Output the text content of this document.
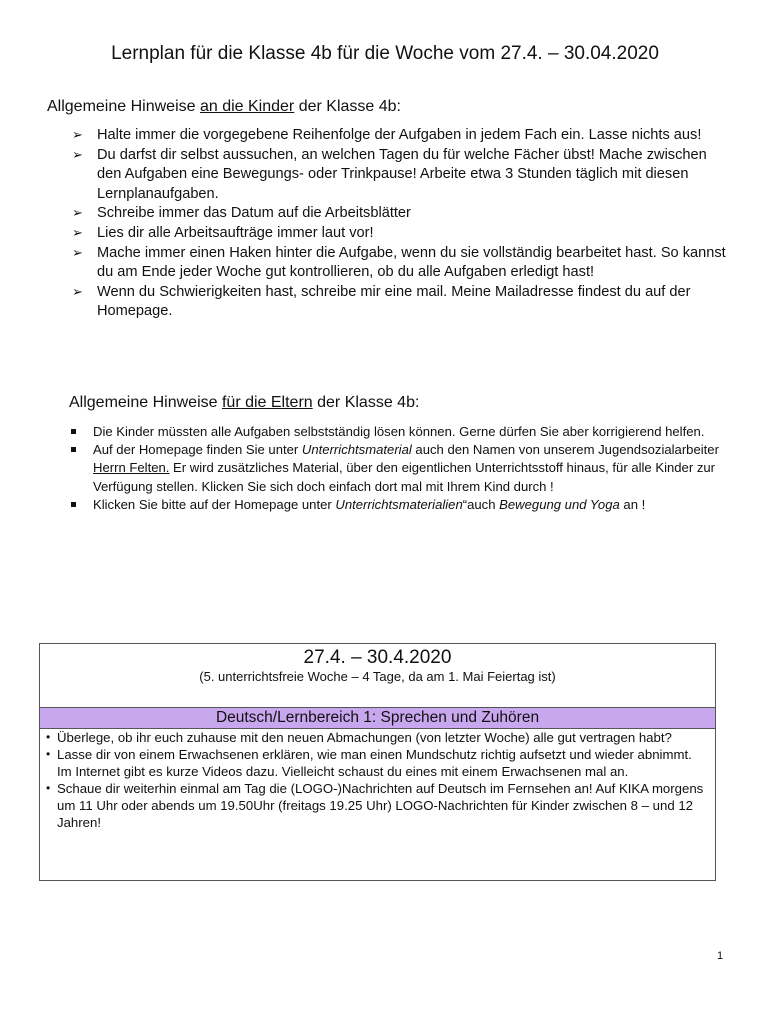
Lernplan für die Klasse 4b für die Woche vom 27.4. – 30.04.2020
Allgemeine Hinweise an die Kinder der Klasse 4b:
➢ Halte immer die vorgegebene Reihenfolge der Aufgaben in jedem Fach ein. Lasse nichts aus!
➢ Du darfst dir selbst aussuchen, an welchen Tagen du für welche Fächer übst! Mache zwischen den Aufgaben eine Bewegungs- oder Trinkpause! Arbeite etwa 3 Stunden täglich mit diesen Lernplanaufgaben.
➢ Schreibe immer das Datum auf die Arbeitsblätter
➢ Lies dir alle Arbeitsaufträge immer laut vor!
➢ Mache immer einen Haken hinter die Aufgabe, wenn du sie vollständig bearbeitet hast. So kannst du am Ende jeder Woche gut kontrollieren, ob du alle Aufgaben erledigt hast!
➢ Wenn du Schwierigkeiten hast, schreibe mir eine mail. Meine Mailadresse findest du auf der Homepage.
Allgemeine Hinweise für die Eltern der Klasse 4b:
Die Kinder müssten alle Aufgaben selbstständig lösen können. Gerne dürfen Sie aber korrigierend helfen.
Auf der Homepage finden Sie unter Unterrichtsmaterial auch den Namen von unserem Jugendsozialarbeiter Herrn Felten. Er wird zusätzliches Material, über den eigentlichen Unterrichtsstoff hinaus, für alle Kinder zur Verfügung stellen. Klicken Sie sich doch einfach dort mal mit Ihrem Kind durch !
Klicken Sie bitte auf der Homepage unter Unterrichtsmaterialien“auch Bewegung und Yoga an !
27.4. – 30.4.2020
(5. unterrichtsfreie Woche – 4 Tage, da am 1. Mai Feiertag ist)
Deutsch/Lernbereich 1: Sprechen und Zuhören
• Überlege, ob ihr euch zuhause mit den neuen Abmachungen (von letzter Woche) alle gut vertragen habt?
• Lasse dir von einem Erwachsenen erklären, wie man einen Mundschutz richtig aufsetzt und wieder abnimmt. Im Internet gibt es kurze Videos dazu. Vielleicht schaust du eines mit einem Erwachsenen mal an.
• Schaue dir weiterhin einmal am Tag die (LOGO-)Nachrichten auf Deutsch im Fernsehen an! Auf KIKA morgens um 11 Uhr oder abends um 19.50Uhr (freitags 19.25 Uhr) LOGO-Nachrichten für Kinder zwischen 8 – und 12 Jahren!
1
